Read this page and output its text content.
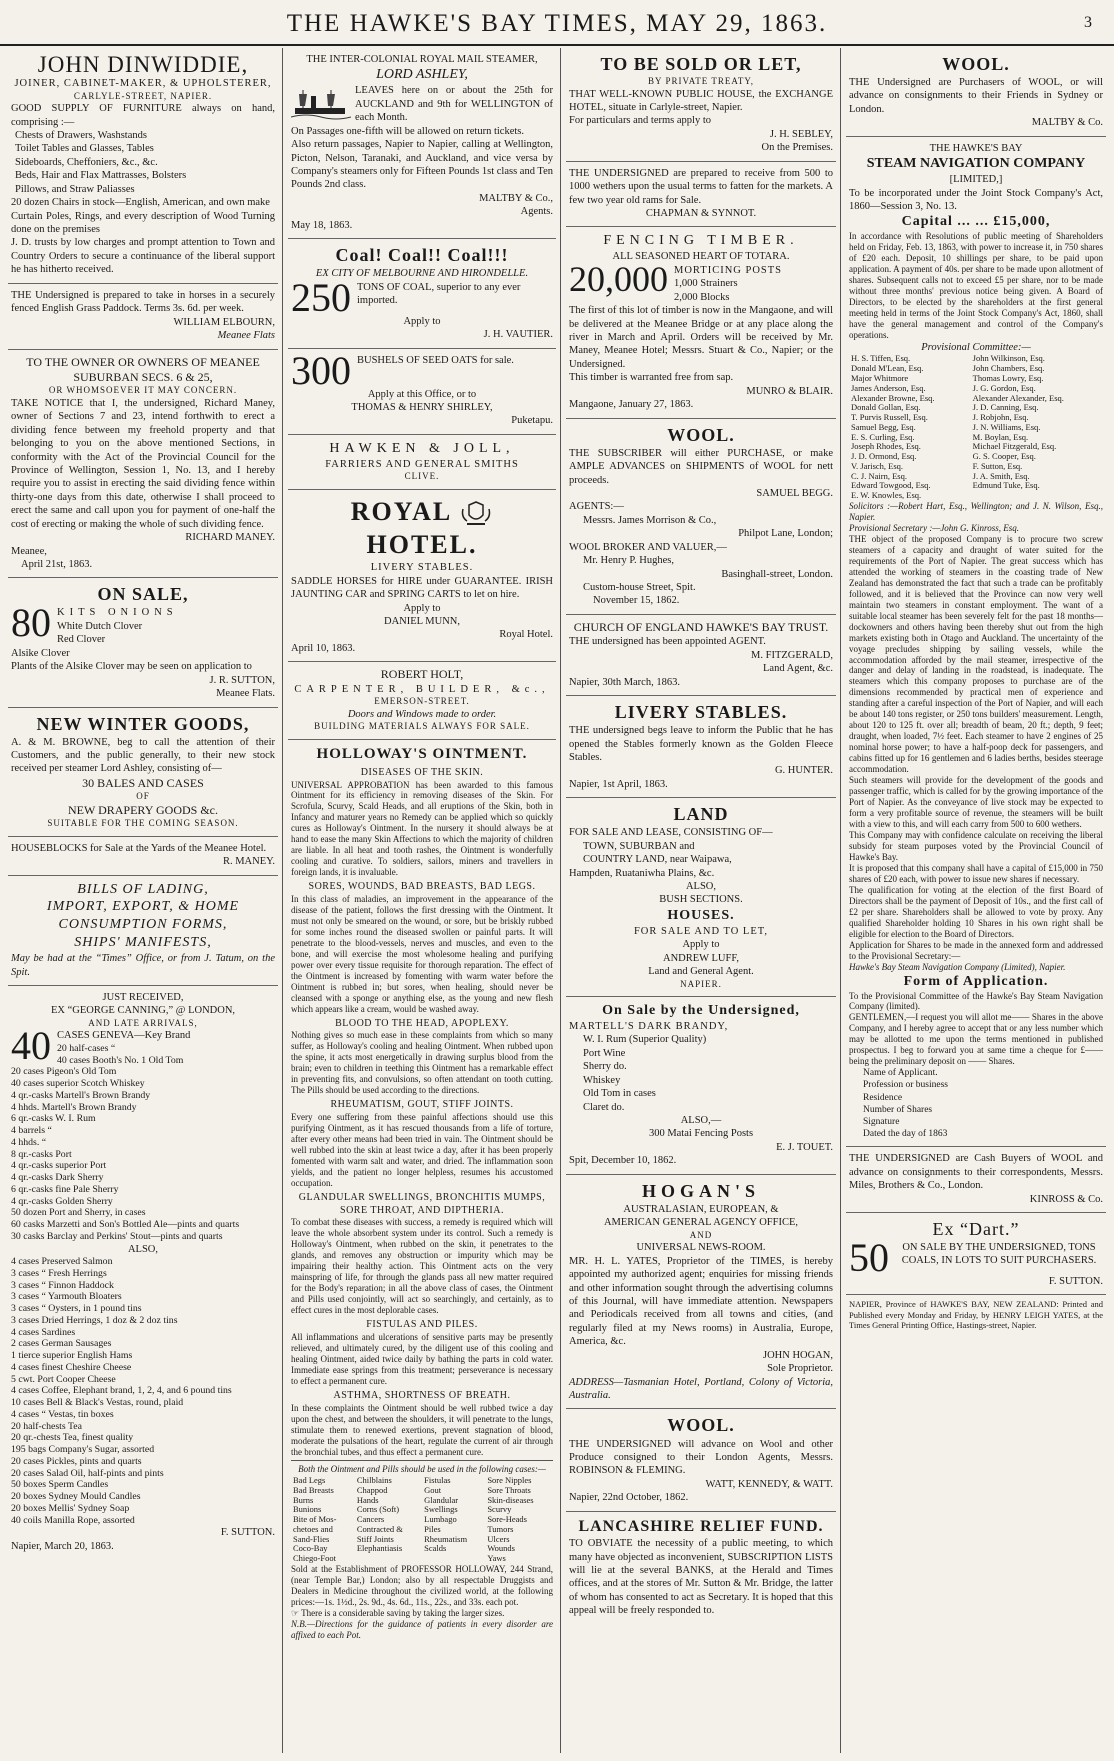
THE HAWKE'S BAY TIMES, MAY 29, 1863.	3
JOHN DINWIDDIE,
JOINER, CABINET-MAKER, & UPHOLSTERER,
CARLYLE-STREET, NAPIER.

GOOD SUPPLY OF FURNITURE always on hand, comprising :—

Chests of Drawers, Washstands
Toilet Tables and Glasses, Tables
Sideboards, Cheffoniers, &c., &c.
Beds, Hair and Flax Mattrasses, Bolsters
Pillows, and Straw Paliasses

20 dozen Chairs in stock—English, American, and own make

Curtain Poles, Rings, and every description of Wood Turning done on the premises

J. D. trusts by low charges and prompt attention to Town and Country Orders to secure a continuance of the liberal support he has hitherto received.

THE Undersigned is prepared to take in horses in a securely fenced English Grass Paddock. Terms 3s. 6d. per week.

WILLIAM ELBOURN,
Meanee Flats
TO THE OWNER OR OWNERS OF MEANEE SUBURBAN SECS. 6 & 25,
OR WHOMSOEVER IT MAY CONCERN.

TAKE NOTICE that I, the undersigned, Richard Maney, owner of Sections 7 and 23, intend forthwith to erect a dividing fence between my freehold property and that belonging to you on the above mentioned Sections, in conformity with the Act of the Provincial Council for the Province of Wellington, Session 1, No. 13, and I hereby require you to assist in erecting the said dividing fence within thirty-one days from this date, otherwise I shall proceed to erect the same and call upon you for payment of one-half the cost of erecting or making the whole of such dividing fence.

RICHARD MANEY.
Meanee,
April 21st, 1863.
ON SALE,
80 KITS ONIONS
White Dutch Clover
Red Clover
Alsike Clover
Plants of the Alsike Clover may be seen on application to
J. R. SUTTON,
Meanee Flats.
NEW WINTER GOODS,

A. & M. BROWNE, beg to call the attention of their Customers, and the public generally, to their new stock received per steamer Lord Ashley, consisting of—

30 BALES AND CASES
OF
NEW DRAPERY GOODS &c.
SUITABLE FOR THE COMING SEASON.

HOUSEBLOCKS for Sale at the Yards of the Meanee Hotel.

R. MANEY.
BILLS OF LADING,
IMPORT, EXPORT, & HOME
CONSUMPTION FORMS,
SHIPS' MANIFESTS,

May be had at the “Times” Office, or from J. Tatum, on the Spit.

JUST RECEIVED,
EX “GEORGE CANNING,” @ LONDON,
AND LATE ARRIVALS,
40 CASES GENEVA—Key Brand
20 half-cases “
40 cases Booth's No. 1 Old Tom
20 cases Pigeon's Old Tom
40 cases superior Scotch Whiskey
4 qr.-casks Martell's Brown Brandy
4 hhds. Martell's Brown Brandy
6 qr.-casks W. I. Rum
4 barrels “
4 hhds. “
8 qr.-casks Port
4 qr.-casks superior Port
4 qr.-casks Dark Sherry
6 qr.-casks fine Pale Sherry
4 qr.-casks Golden Sherry
50 dozen Port and Sherry, in cases
60 casks Marzetti and Son's Bottled Ale—pints and quarts
30 casks Barclay and Perkins' Stout—pints and quarts
ALSO,
4 cases Preserved Salmon
3 cases “ Fresh Herrings
3 cases “ Finnon Haddock
3 cases “ Yarmouth Bloaters
3 cases “ Oysters, in 1 pound tins
3 cases Dried Herrings, 1 doz & 2 doz tins
4 cases Sardines
2 cases German Sausages
1 tierce superior English Hams
4 cases finest Cheshire Cheese
5 cwt. Port Cooper Cheese
4 cases Coffee, Elephant brand, 1, 2, 4, and 6 pound tins
10 cases Bell & Black's Vestas, round, plaid
4 cases “ Vestas, tin boxes
20 half-chests Tea
20 qr.-chests Tea, finest quality
195 bags Company's Sugar, assorted
20 cases Pickles, pints and quarts
20 cases Salad Oil, half-pints and pints
50 boxes Sperm Candles
20 boxes Sydney Mould Candles
20 boxes Mellis' Sydney Soap
40 coils Manilla Rope, assorted
F. SUTTON.
Napier, March 20, 1863.
THE INTER-COLONIAL ROYAL MAIL STEAMER,
LORD ASHLEY,

LEAVES here on or about the 25th for AUCKLAND and 9th for WELLINGTON of each Month.

On Passages one-fifth will be allowed on return tickets.

Also return passages, Napier to Napier, calling at Wellington, Picton, Nelson, Taranaki, and Auckland, and vice versa by Company's steamers only for Fifteen Pounds 1st class and Ten Pounds 2nd class.

MALTBY & Co.,
Agents.
May 18, 1863.
Coal! Coal!! Coal!!!
EX CITY OF MELBOURNE AND HIRONDELLE.
250 TONS OF COAL, superior to any ever imported.
Apply to
J. H. VAUTIER.
300 BUSHELS OF SEED OATS for sale.
Apply at this Office, or to
THOMAS & HENRY SHIRLEY,
Puketapu.
HAWKEN & JOLL,
FARRIERS AND GENERAL SMITHS
CLIVE.
ROYAL  HOTEL.
LIVERY STABLES.

SADDLE HORSES for HIRE under GUARANTEE. IRISH JAUNTING CAR and SPRING CARTS to let on hire.

Apply to
DANIEL MUNN,
Royal Hotel.
April 10, 1863.
ROBERT HOLT,
CARPENTER, BUILDER, &c.,
EMERSON-STREET.
Doors and Windows made to order.
BUILDING MATERIALS ALWAYS FOR SALE.
HOLLOWAY'S OINTMENT.
DISEASES OF THE SKIN.

UNIVERSAL APPROBATION has been awarded to this famous Ointment for its efficiency in removing diseases of the Skin. For Scrofula, Scurvy, Scald Heads, and all eruptions of the Skin, both in Infancy and maturer years no Remedy can be applied which so quickly cures as Holloway's Ointment. In the nursery it should always be at hand to ease the many Skin Affections to which the majority of children are liable. In all heat and tooth rashes, the Ointment is wonderfully cooling and curative. To soldiers, sailors, miners and travellers in foreign lands, it is invaluable.

SORES, WOUNDS, BAD BREASTS, BAD LEGS.

In this class of maladies, an improvement in the appearance of the disease of the patient, follows the first dressing with the Ointment. It must not only be smeared on the wound, or sore, but be briskly rubbed for some inches round the diseased swollen or painful parts. It will penetrate to the blood-vessels, nerves and muscles, and even to the bone, and will exercise the most wholesome healing and purifying power over every tissue requisite for thorough reparation. The effect of the Ointment is increased by fomenting with warm water before the Ointment is rubbed in; but sores, when healing, should never be cleansed with a sponge or anything else, as the young and new flesh which appears like a cream, would be washed away.

BLOOD TO THE HEAD, APOPLEXY.

Nothing gives so much ease in these complaints from which so many suffer, as Holloway's cooling and healing Ointment. When rubbed upon the spine, it acts most energetically in drawing surplus blood from the brain; even to children in teething this Ointment has a remarkable effect in preventing fits, and convulsions, so often attendant on tooth cutting. The Pills should be used according to the directions.

RHEUMATISM, GOUT, STIFF JOINTS.

Every one suffering from these painful affections should use this purifying Ointment, as it has rescued thousands from a life of torture, after every other means had been tried in vain. The Ointment should be well rubbed into the skin at least twice a day, after it has been properly fomented with warm salt and water, and dried. The inflammation soon yields, and the patient no longer helpless, resumes his accustomed occupation.

GLANDULAR SWELLINGS, BRONCHITIS MUMPS, SORE THROAT, AND DIPTHERIA.

To combat these diseases with success, a remedy is required which will leave the whole absorbent system under its control. Such a remedy is Holloway's Ointment, when rubbed on the skin, it penetrates to the glands, and removes any obstruction or impurity which may be impairing their healthy action. This Ointment acts on the very mainspring of life, for through the glands pass all new matter required for the Body's reparation; in all the above class of cases, the Ointment and Pills used conjointly, will act so searchingly, and certainly, as to effect cures in the most deplorable cases.

FISTULAS AND PILES.

All inflammations and ulcerations of sensitive parts may be presently relieved, and ultimately cured, by the diligent use of this cooling and healing Ointment, aided twice daily by bathing the parts in cold water. Immediate ease springs from this treatment; perseverance is necessary to effect a permanent cure.

ASTHMA, SHORTNESS OF BREATH.

In these complaints the Ointment should be well rubbed twice a day upon the chest, and between the shoulders, it will penetrate to the lungs, stimulate them to renewed exertions, prevent stagnation of blood, moderate the pulsations of the heart, regulate the current of air through the bronchial tubes, and thus effect a permanent cure.

Both the Ointment and Pills should be used in the following cases:—
Bad Legs	Chilblains	Fistulas	Sore Nipples
Bad Breasts	Chappod	Gout	Sore Throats
Burns	Hands	Glandular	Skin-diseases
Bunions	Corns (Soft)	Swellings	Scurvy
Bite of Mos-	Cancers	Lumbago	Sore-Heads
chetoes and	Contracted &	Piles	Tumors
Sand-Flies	Stiff Joints	Rheumatism	Ulcers
Coco-Bay	Elephantiasis	Scalds	Wounds
Chiego-Foot			Yaws

Sold at the Establishment of PROFESSOR HOLLOWAY, 244 Strand, (near Temple Bar,) London; also by all respectable Druggists and Dealers in Medicine throughout the civilized world, at the following prices:—1s. 1½d., 2s. 9d., 4s. 6d., 11s., 22s., and 33s. each pot.

☞ There is a considerable saving by taking the larger sizes.

N.B.—Directions for the guidance of patients in every disorder are affixed to each Pot.

TO BE SOLD OR LET,
BY PRIVATE TREATY,

THAT WELL-KNOWN PUBLIC HOUSE, the EXCHANGE HOTEL, situate in Carlyle-street, Napier.

For particulars and terms apply to

J. H. SEBLEY,
On the Premises.

THE UNDERSIGNED are prepared to receive from 500 to 1000 wethers upon the usual terms to fatten for the markets. A few two year old rams for Sale.

CHAPMAN & SYNNOT.
FENCING TIMBER.
ALL SEASONED HEART OF TOTARA.
20,000 MORTICING POSTS
1,000 Strainers
2,000 Blocks

The first of this lot of timber is now in the Mangaone, and will be delivered at the Meanee Bridge or at any place along the river in March and April. Orders will be received by Mr. Maney, Meanee Hotel; Messrs. Stuart & Co., Napier; or the Undersigned.

This timber is warranted free from sap.

MUNRO & BLAIR.
Mangaone, January 27, 1863.
WOOL.

THE SUBSCRIBER will either PURCHASE, or make AMPLE ADVANCES on SHIPMENTS of WOOL for nett proceeds.

SAMUEL BEGG.
AGENTS:—
Messrs. James Morrison & Co.,
Philpot Lane, London;
WOOL BROKER AND VALUER,—
Mr. Henry P. Hughes,
Basinghall-street, London.
Custom-house Street, Spit.
November 15, 1862.
CHURCH OF ENGLAND HAWKE'S BAY TRUST.

THE undersigned has been appointed AGENT.

M. FITZGERALD,
Land Agent, &c.
Napier, 30th March, 1863.
LIVERY STABLES.

THE undersigned begs leave to inform the Public that he has opened the Stables formerly known as the Golden Fleece Stables.

G. HUNTER.
Napier, 1st April, 1863.
LAND

FOR SALE AND LEASE, CONSISTING OF—

TOWN, SUBURBAN and
COUNTRY LAND, near Waipawa,
Hampden, Ruataniwha Plains, &c.
ALSO,
BUSH SECTIONS.
HOUSES.
FOR SALE AND TO LET,
Apply to
ANDREW LUFF,
Land and General Agent.
NAPIER.
On Sale by the Undersigned,
MARTELL'S DARK BRANDY,
W. I. Rum (Superior Quality)
Port Wine
Sherry do.
Whiskey
Old Tom in cases
Claret do.
ALSO,—
300 Matai Fencing Posts
E. J. TOUET.
Spit, December 10, 1862.
HOGAN'S
AUSTRALASIAN, EUROPEAN, &
AMERICAN GENERAL AGENCY OFFICE,
AND
UNIVERSAL NEWS-ROOM.

MR. H. L. YATES, Proprietor of the TIMES, is hereby appointed my authorized agent; enquiries for missing friends and other information sought through the advertising columns of this Journal, will have immediate attention. Newspapers and Periodicals received from all towns and cities, (and regularly filed at my News rooms) in Australia, Europe, America, &c.

JOHN HOGAN,
Sole Proprietor.

ADDRESS—Tasmanian Hotel, Portland, Colony of Victoria, Australia.

WOOL.

THE UNDERSIGNED will advance on Wool and other Produce consigned to their London Agents, Messrs. ROBINSON & FLEMING.

WATT, KENNEDY, & WATT.
Napier, 22nd October, 1862.
LANCASHIRE RELIEF FUND.

TO OBVIATE the necessity of a public meeting, to which many have objected as inconvenient, SUBSCRIPTION LISTS will lie at the several BANKS, at the Herald and Times offices, and at the stores of Mr. Sutton & Mr. Bridge, the latter of whom has consented to act as Secretary. It is hoped that this appeal will be freely responded to.

WOOL.

THE Undersigned are Purchasers of WOOL, or will advance on consignments to their Friends in Sydney or London.

MALTBY & Co.
THE HAWKE'S BAY
STEAM NAVIGATION COMPANY
[LIMITED,]

To be incorporated under the Joint Stock Company's Act, 1860—Session 3, No. 13.

Capital ... ... £15,000,

In accordance with Resolutions of public meeting of Shareholders held on Friday, Feb. 13, 1863, with power to increase it, in 750 shares of £20 each. Deposit, 10 shillings per share, to be paid upon application. A payment of 40s. per share to be made upon allotment of shares. Subsequent calls not to exceed £5 per share, nor to be made without three months' previous notice being given. A Board of Directors, to be elected by the shareholders at the first general meeting held in terms of the Joint Stock Company's Act, 1860, shall have the general management and control of the Company's operations.

Provisional Committee:—
H. S. Tiffen, Esq.	John Wilkinson, Esq.
Donald M'Lean, Esq.	John Chambers, Esq.
Major Whitmore	Thomas Lowry, Esq.
James Anderson, Esq.	J. G. Gordon, Esq.
Alexander Browne, Esq.	Alexander Alexander, Esq.
Donald Gollan, Esq.	J. D. Canning, Esq.
T. Purvis Russell, Esq.	J. Robjohn, Esq.
Samuel Begg, Esq.	J. N. Williams, Esq.
E. S. Curling, Esq.	M. Boylan, Esq.
Joseph Rhodes, Esq.	Michael Fitzgerald, Esq.
J. D. Ormond, Esq.	G. S. Cooper, Esq.
V. Jarisch, Esq.	F. Sutton, Esq.
C. J. Nairn, Esq.	J. A. Smith, Esq.
Edward Towgood, Esq.	Edmund Tuke, Esq.
E. W. Knowles, Esq.	

Solicitors :—Robert Hart, Esq., Wellington; and J. N. Wilson, Esq., Napier.

Provisional Secretary :—John G. Kinross, Esq.

THE object of the proposed Company is to procure two screw steamers of a capacity and draught of water suited for the requirements of the Port of Napier. The great success which has attended the working of steamers in the coasting trade of New Zealand has demonstrated the fact that such a trade can be profitably followed, and it is believed that the Province can now very well maintain two steamers in constant employment. The want of a suitable local steamer has been severely felt for the past 18 months—dockowners and others having been thereby shut out from the high markets existing both in Otago and Auckland. The uncertainty of the voyage precludes shipping by sailing vessels, while the accommodation afforded by the mail steamer, irrespective of the danger and delay of landing in the roadstead, is inadequate. The steamers which this company proposes to purchase are of the dimensions recommended by practical men of experience and standing after a careful inspection of the Port of Napier, and will each be about 140 tons register, or 250 tons builders' measurement. Length, about 120 to 125 ft. over all; breadth of beam, 20 ft.; depth, 9 feet; draught, when loaded, 7½ feet. Each steamer to have 2 engines of 25 nominal horse power; to have a half-poop deck for passengers, and cabins fitted up for 16 gentlemen and 6 ladies berths, besides steerage accommodation.

Such steamers will provide for the development of the goods and passenger traffic, which is called for by the growing importance of the Port of Napier. As the conveyance of live stock may be expected to form a very profitable source of revenue, the steamers will be built with a view to this, and will each carry from 500 to 600 wethers.

This Company may with confidence calculate on receiving the liberal subsidy for steam purposes voted by the Provincial Council of Hawke's Bay.

It is proposed that this company shall have a capital of £15,000 in 750 shares of £20 each, with power to issue new shares if necessary.

The qualification for voting at the election of the first Board of Directors shall be the payment of Deposit of 10s., and the first call of £2 per share. Shareholders shall be allowed to vote by proxy. Any qualified Shareholder holding 10 Shares in his own right shall be eligible for election to the Board of Directors.

Application for Shares to be made in the annexed form and addressed to the Provisional Secretary:—

Hawke's Bay Steam Navigation Company (Limited), Napier.

Form of Application.

To the Provisional Committee of the Hawke's Bay Steam Navigation Company (limited).

GENTLEMEN,—I request you will allot me—— Shares in the above Company, and I hereby agree to accept that or any less number which may be allotted to me upon the terms mentioned in published prospectus. I beg to forward you at same time a cheque for £——being the preliminary deposit on —— Shares.

Name of Applicant.
Profession or business
Residence
Number of Shares
Signature
Dated the day of 1863

THE UNDERSIGNED are Cash Buyers of WOOL and advance on consignments to their correspondents, Messrs. Miles, Brothers & Co., London.

KINROSS & Co.
Ex “Dart.”
50	ON SALE BY THE UNDERSIGNED, TONS COALS, IN LOTS TO SUIT PURCHASERS.
F. SUTTON.

NAPIER, Province of HAWKE'S BAY, NEW ZEALAND: Printed and Published every Monday and Friday, by HENRY LEIGH YATES, at the Times General Printing Office, Hastings-street, Napier.
